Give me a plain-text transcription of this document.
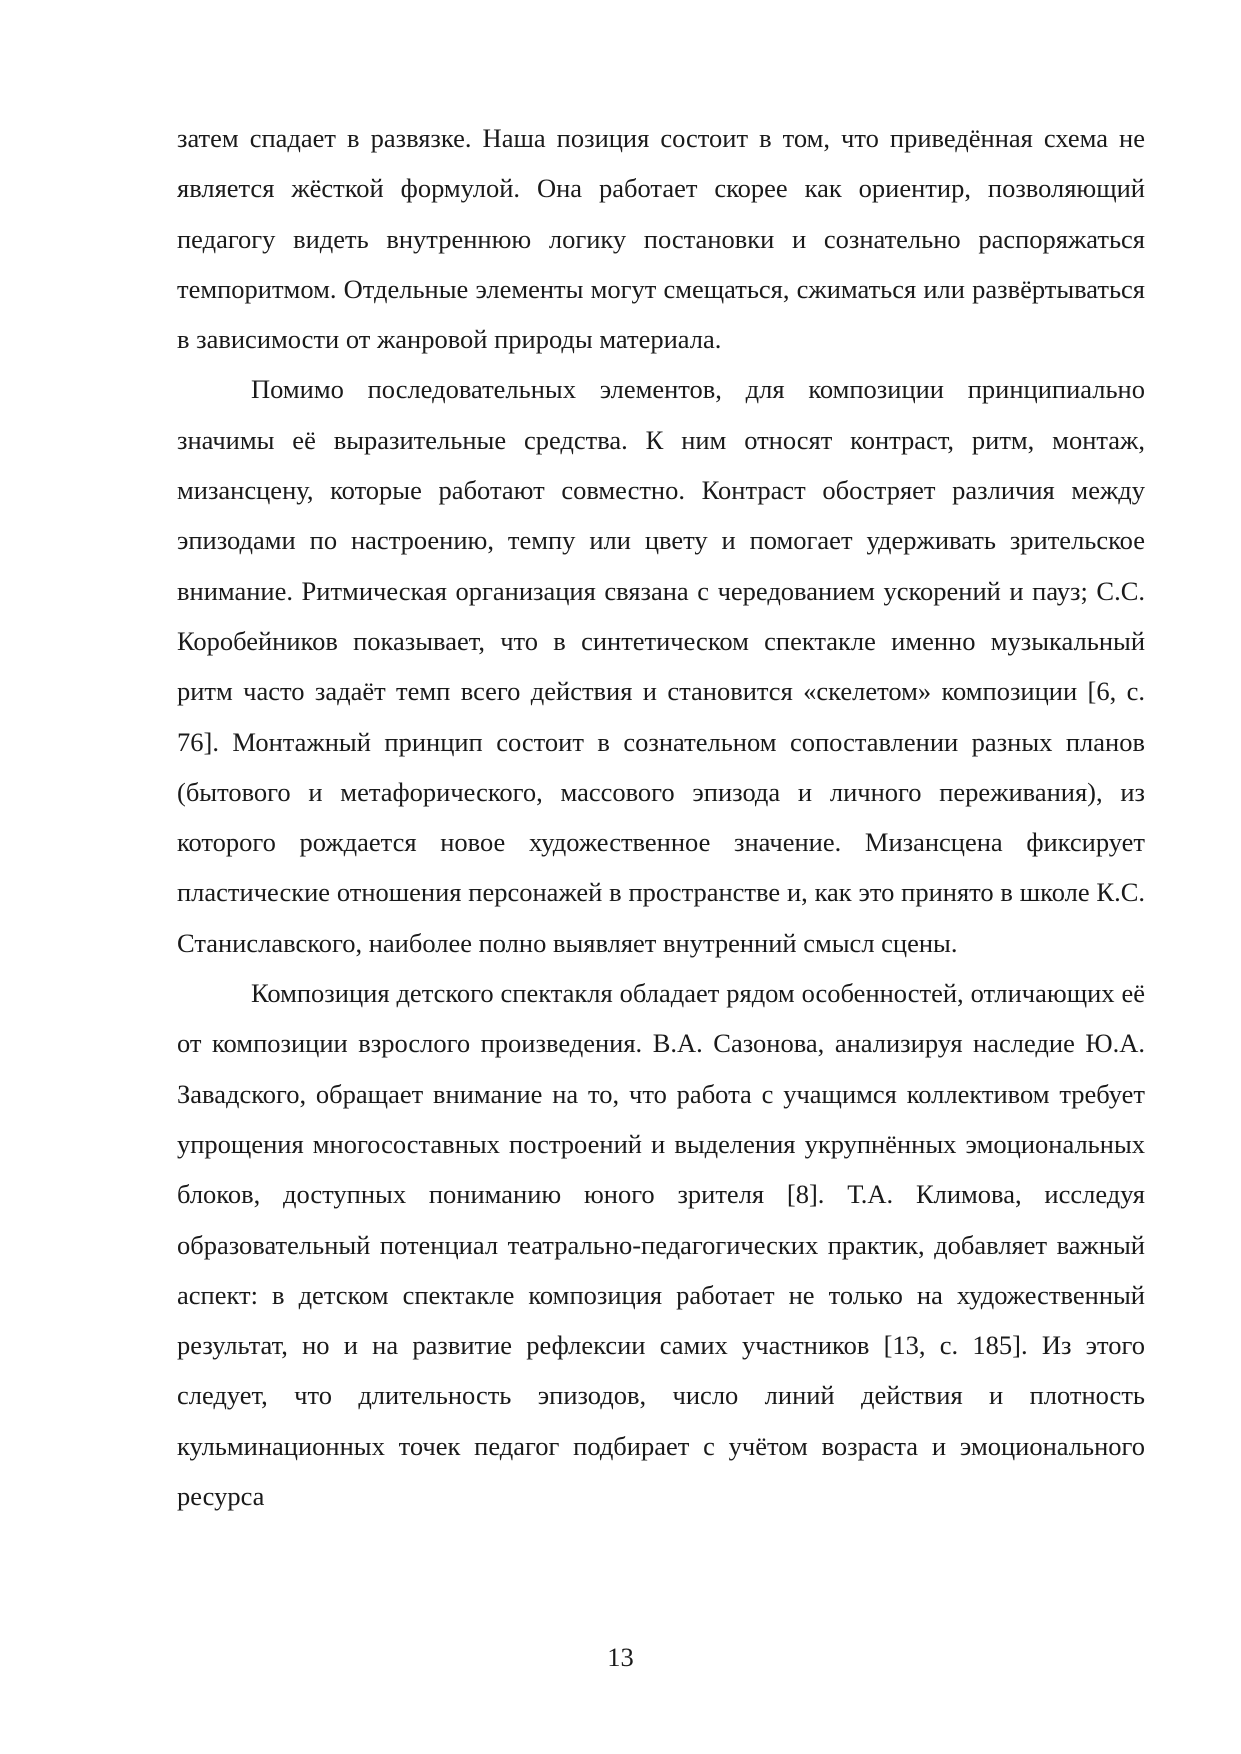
затем спадает в развязке. Наша позиция состоит в том, что приведённая схема не является жёсткой формулой. Она работает скорее как ориентир, позволяющий педагогу видеть внутреннюю логику постановки и сознательно распоряжаться темпоритмом. Отдельные элементы могут смещаться, сжиматься или развёртываться в зависимости от жанровой природы материала.

Помимо последовательных элементов, для композиции принципиально значимы её выразительные средства. К ним относят контраст, ритм, монтаж, мизансцену, которые работают совместно. Контраст обостряет различия между эпизодами по настроению, темпу или цвету и помогает удерживать зрительское внимание. Ритмическая организация связана с чередованием ускорений и пауз; С.С. Коробейников показывает, что в синтетическом спектакле именно музыкальный ритм часто задаёт темп всего действия и становится «скелетом» композиции [6, с. 76]. Монтажный принцип состоит в сознательном сопоставлении разных планов (бытового и метафорического, массового эпизода и личного переживания), из которого рождается новое художественное значение. Мизансцена фиксирует пластические отношения персонажей в пространстве и, как это принято в школе К.С. Станиславского, наиболее полно выявляет внутренний смысл сцены.

Композиция детского спектакля обладает рядом особенностей, отличающих её от композиции взрослого произведения. В.А. Сазонова, анализируя наследие Ю.А. Завадского, обращает внимание на то, что работа с учащимся коллективом требует упрощения многосоставных построений и выделения укрупнённых эмоциональных блоков, доступных пониманию юного зрителя [8]. Т.А. Климова, исследуя образовательный потенциал театрально-педагогических практик, добавляет важный аспект: в детском спектакле композиция работает не только на художественный результат, но и на развитие рефлексии самих участников [13, с. 185]. Из этого следует, что длительность эпизодов, число линий действия и плотность кульминационных точек педагог подбирает с учётом возраста и эмоционального ресурса

13
